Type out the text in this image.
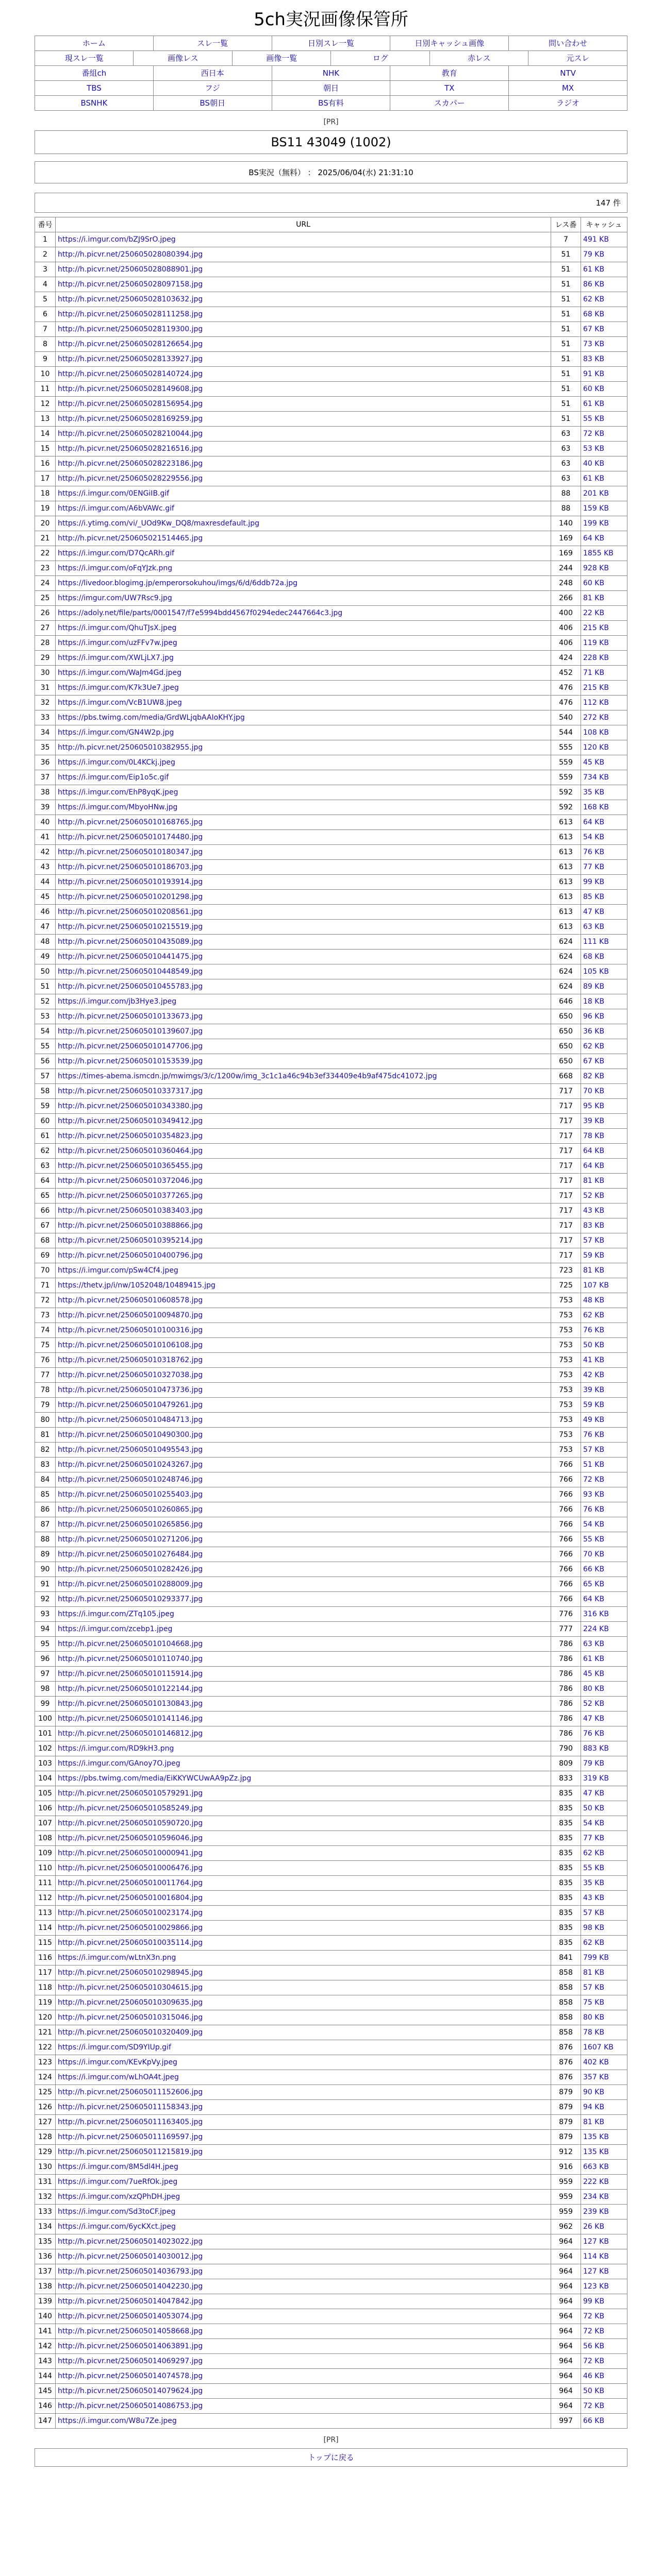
5ch実況画像保管所
ホーム		スレ一覧		日別スレ一覧		日別キャッシュ画像		問い合わせ	
現スレ一覧	画像レス		画像一覧		ログ		赤レス		元スレ
番組ch		西日本		NHK		教育		NTV	
TBS		フジ		朝日		TX		MX	
BSNHK		BS朝日		BS有料		スカパー		ラジオ	
[PR]
BS11 43049 (1002)
BS実況（無料） ： 2025/06/04(水) 21:31:10
147 件
番号	URL	レス番	キャッシュ
1	https://i.imgur.com/bZJ9SrO.jpeg	7	491 KB
2	http://h.picvr.net/250605028080394.jpg	51	79 KB
3	http://h.picvr.net/250605028088901.jpg	51	61 KB
4	http://h.picvr.net/250605028097158.jpg	51	86 KB
5	http://h.picvr.net/250605028103632.jpg	51	62 KB
6	http://h.picvr.net/250605028111258.jpg	51	68 KB
7	http://h.picvr.net/250605028119300.jpg	51	67 KB
8	http://h.picvr.net/250605028126654.jpg	51	73 KB
9	http://h.picvr.net/250605028133927.jpg	51	83 KB
10	http://h.picvr.net/250605028140724.jpg	51	91 KB
11	http://h.picvr.net/250605028149608.jpg	51	60 KB
12	http://h.picvr.net/250605028156954.jpg	51	61 KB
13	http://h.picvr.net/250605028169259.jpg	51	55 KB
14	http://h.picvr.net/250605028210044.jpg	63	72 KB
15	http://h.picvr.net/250605028216516.jpg	63	53 KB
16	http://h.picvr.net/250605028223186.jpg	63	40 KB
17	http://h.picvr.net/250605028229556.jpg	63	61 KB
18	https://i.imgur.com/0ENGiIB.gif	88	201 KB
19	https://i.imgur.com/A6bVAWc.gif	88	159 KB
20	https://i.ytimg.com/vi/_UOd9Kw_DQ8/maxresdefault.jpg	140	199 KB
21	http://h.picvr.net/250605021514465.jpg	169	64 KB
22	https://i.imgur.com/D7QcARh.gif	169	1855 KB
23	https://i.imgur.com/oFqYJzk.png	244	928 KB
24	https://livedoor.blogimg.jp/emperorsokuhou/imgs/6/d/6ddb72a.jpg	248	60 KB
25	https://imgur.com/UW7Rsc9.jpg	266	81 KB
26	https://adoly.net/file/parts/0001547/f7e5994bdd4567f0294edec2447664c3.jpg	400	22 KB
27	https://i.imgur.com/QhuTJsX.jpeg	406	215 KB
28	https://i.imgur.com/uzFFv7w.jpeg	406	119 KB
29	https://i.imgur.com/XWLjLX7.jpg	424	228 KB
30	https://i.imgur.com/WaJm4Gd.jpeg	452	71 KB
31	https://i.imgur.com/K7k3Ue7.jpeg	476	215 KB
32	https://i.imgur.com/VcB1UW8.jpeg	476	112 KB
33	https://pbs.twimg.com/media/GrdWLjqbAAIoKHY.jpg	540	272 KB
34	https://i.imgur.com/GN4W2p.jpg	544	108 KB
35	http://h.picvr.net/250605010382955.jpg	555	120 KB
36	https://i.imgur.com/0L4KCkj.jpeg	559	45 KB
37	https://i.imgur.com/Eip1o5c.gif	559	734 KB
38	https://i.imgur.com/EhP8yqK.jpeg	592	35 KB
39	https://i.imgur.com/MbyoHNw.jpg	592	168 KB
40	http://h.picvr.net/250605010168765.jpg	613	64 KB
41	http://h.picvr.net/250605010174480.jpg	613	54 KB
42	http://h.picvr.net/250605010180347.jpg	613	76 KB
43	http://h.picvr.net/250605010186703.jpg	613	77 KB
44	http://h.picvr.net/250605010193914.jpg	613	99 KB
45	http://h.picvr.net/250605010201298.jpg	613	85 KB
46	http://h.picvr.net/250605010208561.jpg	613	47 KB
47	http://h.picvr.net/250605010215519.jpg	613	63 KB
48	http://h.picvr.net/250605010435089.jpg	624	111 KB
49	http://h.picvr.net/250605010441475.jpg	624	68 KB
50	http://h.picvr.net/250605010448549.jpg	624	105 KB
51	http://h.picvr.net/250605010455783.jpg	624	89 KB
52	https://i.imgur.com/jb3Hye3.jpeg	646	18 KB
53	http://h.picvr.net/250605010133673.jpg	650	96 KB
54	http://h.picvr.net/250605010139607.jpg	650	36 KB
55	http://h.picvr.net/250605010147706.jpg	650	62 KB
56	http://h.picvr.net/250605010153539.jpg	650	67 KB
57	https://times-abema.ismcdn.jp/mwimgs/3/c/1200w/img_3c1c1a46c94b3ef334409e4b9af475dc41072.jpg	668	82 KB
58	http://h.picvr.net/250605010337317.jpg	717	70 KB
59	http://h.picvr.net/250605010343380.jpg	717	95 KB
60	http://h.picvr.net/250605010349412.jpg	717	39 KB
61	http://h.picvr.net/250605010354823.jpg	717	78 KB
62	http://h.picvr.net/250605010360464.jpg	717	64 KB
63	http://h.picvr.net/250605010365455.jpg	717	64 KB
64	http://h.picvr.net/250605010372046.jpg	717	81 KB
65	http://h.picvr.net/250605010377265.jpg	717	52 KB
66	http://h.picvr.net/250605010383403.jpg	717	43 KB
67	http://h.picvr.net/250605010388866.jpg	717	83 KB
68	http://h.picvr.net/250605010395214.jpg	717	57 KB
69	http://h.picvr.net/250605010400796.jpg	717	59 KB
70	https://i.imgur.com/pSw4Cf4.jpeg	723	81 KB
71	https://thetv.jp/i/nw/1052048/10489415.jpg	725	107 KB
72	http://h.picvr.net/250605010608578.jpg	753	48 KB
73	http://h.picvr.net/250605010094870.jpg	753	62 KB
74	http://h.picvr.net/250605010100316.jpg	753	76 KB
75	http://h.picvr.net/250605010106108.jpg	753	50 KB
76	http://h.picvr.net/250605010318762.jpg	753	41 KB
77	http://h.picvr.net/250605010327038.jpg	753	42 KB
78	http://h.picvr.net/250605010473736.jpg	753	39 KB
79	http://h.picvr.net/250605010479261.jpg	753	59 KB
80	http://h.picvr.net/250605010484713.jpg	753	49 KB
81	http://h.picvr.net/250605010490300.jpg	753	76 KB
82	http://h.picvr.net/250605010495543.jpg	753	57 KB
83	http://h.picvr.net/250605010243267.jpg	766	51 KB
84	http://h.picvr.net/250605010248746.jpg	766	72 KB
85	http://h.picvr.net/250605010255403.jpg	766	93 KB
86	http://h.picvr.net/250605010260865.jpg	766	76 KB
87	http://h.picvr.net/250605010265856.jpg	766	54 KB
88	http://h.picvr.net/250605010271206.jpg	766	55 KB
89	http://h.picvr.net/250605010276484.jpg	766	70 KB
90	http://h.picvr.net/250605010282426.jpg	766	66 KB
91	http://h.picvr.net/250605010288009.jpg	766	65 KB
92	http://h.picvr.net/250605010293377.jpg	766	64 KB
93	https://i.imgur.com/ZTq105.jpeg	776	316 KB
94	https://i.imgur.com/zcebp1.jpeg	777	224 KB
95	http://h.picvr.net/250605010104668.jpg	786	63 KB
96	http://h.picvr.net/250605010110740.jpg	786	61 KB
97	http://h.picvr.net/250605010115914.jpg	786	45 KB
98	http://h.picvr.net/250605010122144.jpg	786	80 KB
99	http://h.picvr.net/250605010130843.jpg	786	52 KB
100	http://h.picvr.net/250605010141146.jpg	786	47 KB
101	http://h.picvr.net/250605010146812.jpg	786	76 KB
102	https://i.imgur.com/RD9kH3.png	790	883 KB
103	https://i.imgur.com/GAnoy7O.jpeg	809	79 KB
104	https://pbs.twimg.com/media/EiKKYWCUwAA9pZz.jpg	833	319 KB
105	http://h.picvr.net/250605010579291.jpg	835	47 KB
106	http://h.picvr.net/250605010585249.jpg	835	50 KB
107	http://h.picvr.net/250605010590720.jpg	835	54 KB
108	http://h.picvr.net/250605010596046.jpg	835	77 KB
109	http://h.picvr.net/250605010000941.jpg	835	62 KB
110	http://h.picvr.net/250605010006476.jpg	835	55 KB
111	http://h.picvr.net/250605010011764.jpg	835	35 KB
112	http://h.picvr.net/250605010016804.jpg	835	43 KB
113	http://h.picvr.net/250605010023174.jpg	835	57 KB
114	http://h.picvr.net/250605010029866.jpg	835	98 KB
115	http://h.picvr.net/250605010035114.jpg	835	62 KB
116	https://i.imgur.com/wLtnX3n.png	841	799 KB
117	http://h.picvr.net/250605010298945.jpg	858	81 KB
118	http://h.picvr.net/250605010304615.jpg	858	57 KB
119	http://h.picvr.net/250605010309635.jpg	858	75 KB
120	http://h.picvr.net/250605010315046.jpg	858	80 KB
121	http://h.picvr.net/250605010320409.jpg	858	78 KB
122	https://i.imgur.com/SD9YIUp.gif	876	1607 KB
123	https://i.imgur.com/KEvKpVy.jpeg	876	402 KB
124	https://i.imgur.com/wLhOA4t.jpeg	876	357 KB
125	http://h.picvr.net/250605011152606.jpg	879	90 KB
126	http://h.picvr.net/250605011158343.jpg	879	94 KB
127	http://h.picvr.net/250605011163405.jpg	879	81 KB
128	http://h.picvr.net/250605011169597.jpg	879	135 KB
129	http://h.picvr.net/250605011215819.jpg	912	135 KB
130	https://i.imgur.com/8M5dl4H.jpeg	916	663 KB
131	https://i.imgur.com/7ueRfOk.jpeg	959	222 KB
132	https://i.imgur.com/xzQPhDH.jpeg	959	234 KB
133	https://i.imgur.com/Sd3toCF.jpeg	959	239 KB
134	https://i.imgur.com/6ycKXct.jpeg	962	26 KB
135	http://h.picvr.net/250605014023022.jpg	964	127 KB
136	http://h.picvr.net/250605014030012.jpg	964	114 KB
137	http://h.picvr.net/250605014036793.jpg	964	127 KB
138	http://h.picvr.net/250605014042230.jpg	964	123 KB
139	http://h.picvr.net/250605014047842.jpg	964	99 KB
140	http://h.picvr.net/250605014053074.jpg	964	72 KB
141	http://h.picvr.net/250605014058668.jpg	964	72 KB
142	http://h.picvr.net/250605014063891.jpg	964	56 KB
143	http://h.picvr.net/250605014069297.jpg	964	72 KB
144	http://h.picvr.net/250605014074578.jpg	964	46 KB
145	http://h.picvr.net/250605014079624.jpg	964	50 KB
146	http://h.picvr.net/250605014086753.jpg	964	72 KB
147	https://i.imgur.com/W8u7Ze.jpeg	997	66 KB
[PR]
トップに戻る
